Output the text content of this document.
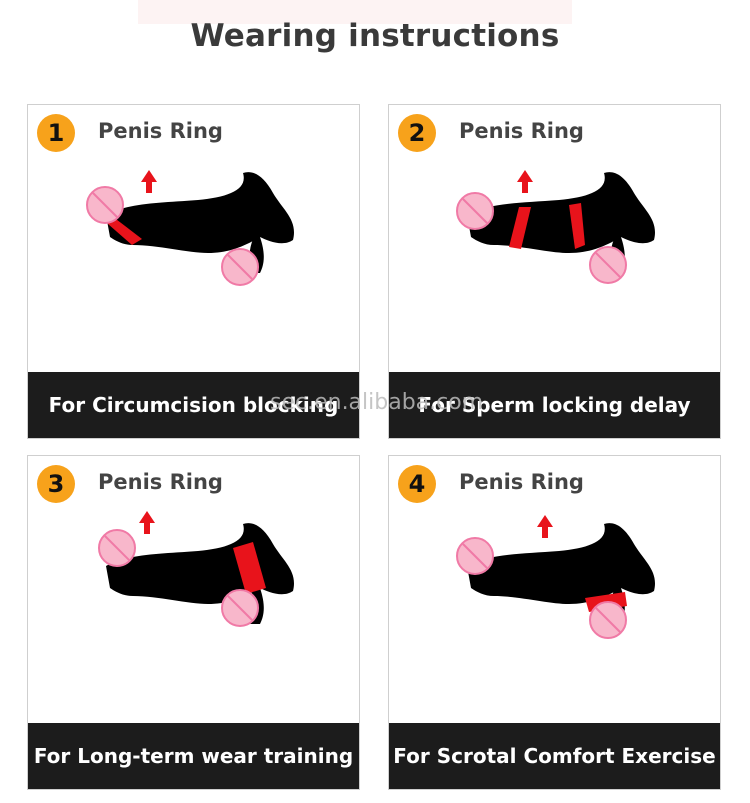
Wearing instructions
1	Penis Ring
For Circumcision blocking
2	Penis Ring
For Sperm locking delay
3	Penis Ring
For Long-term wear training
4	Penis Ring
For Scrotal Comfort Exercise
sec.en.alibaba.com
